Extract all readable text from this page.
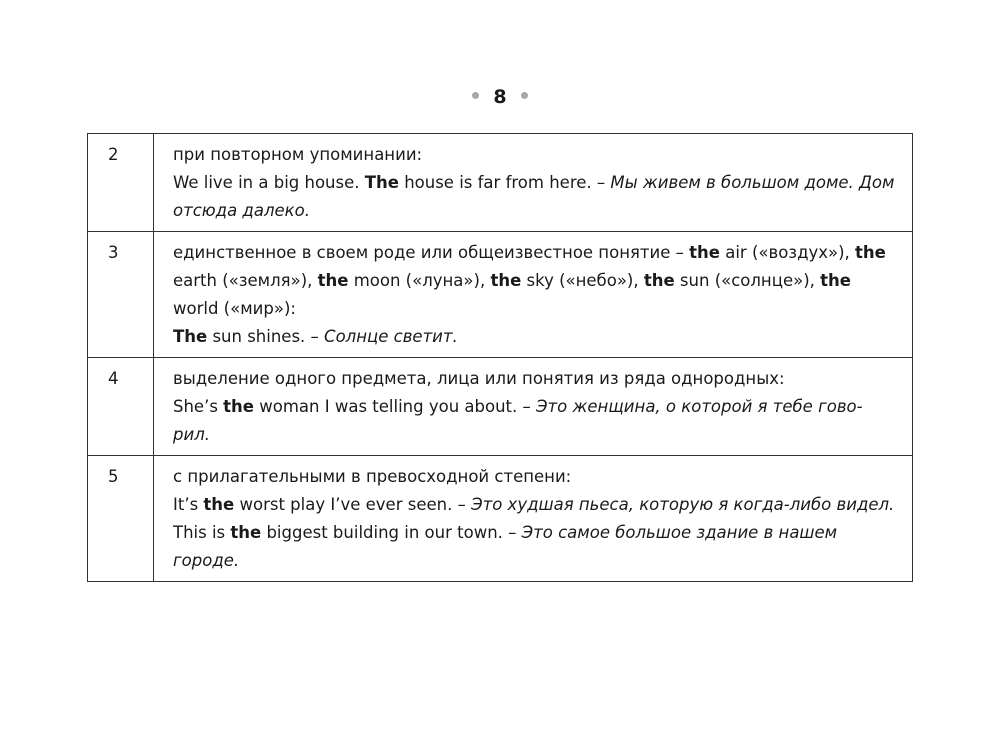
8
2	при повторном упоминании:
We live in a big house. The house is far from here. – Мы живем в большом доме. Дом отсюда далеко.

3	единственное в своем роде или общеизвестное понятие – the air («воздух»), the earth («земля»), the moon («луна»), the sky («небо»), the sun («солнце»), the world («мир»):
The sun shines. – Солнце светит.

4	выделение одного предмета, лица или понятия из ряда однородных:
She’s the woman I was telling you about. – Это женщина, о которой я тебе гово-рил.

5	с прилагательными в превосходной степени:
It’s the worst play I’ve ever seen. – Это худшая пьеса, которую я когда-либо видел.
This is the biggest building in our town. – Это самое большое здание в нашем городе.
